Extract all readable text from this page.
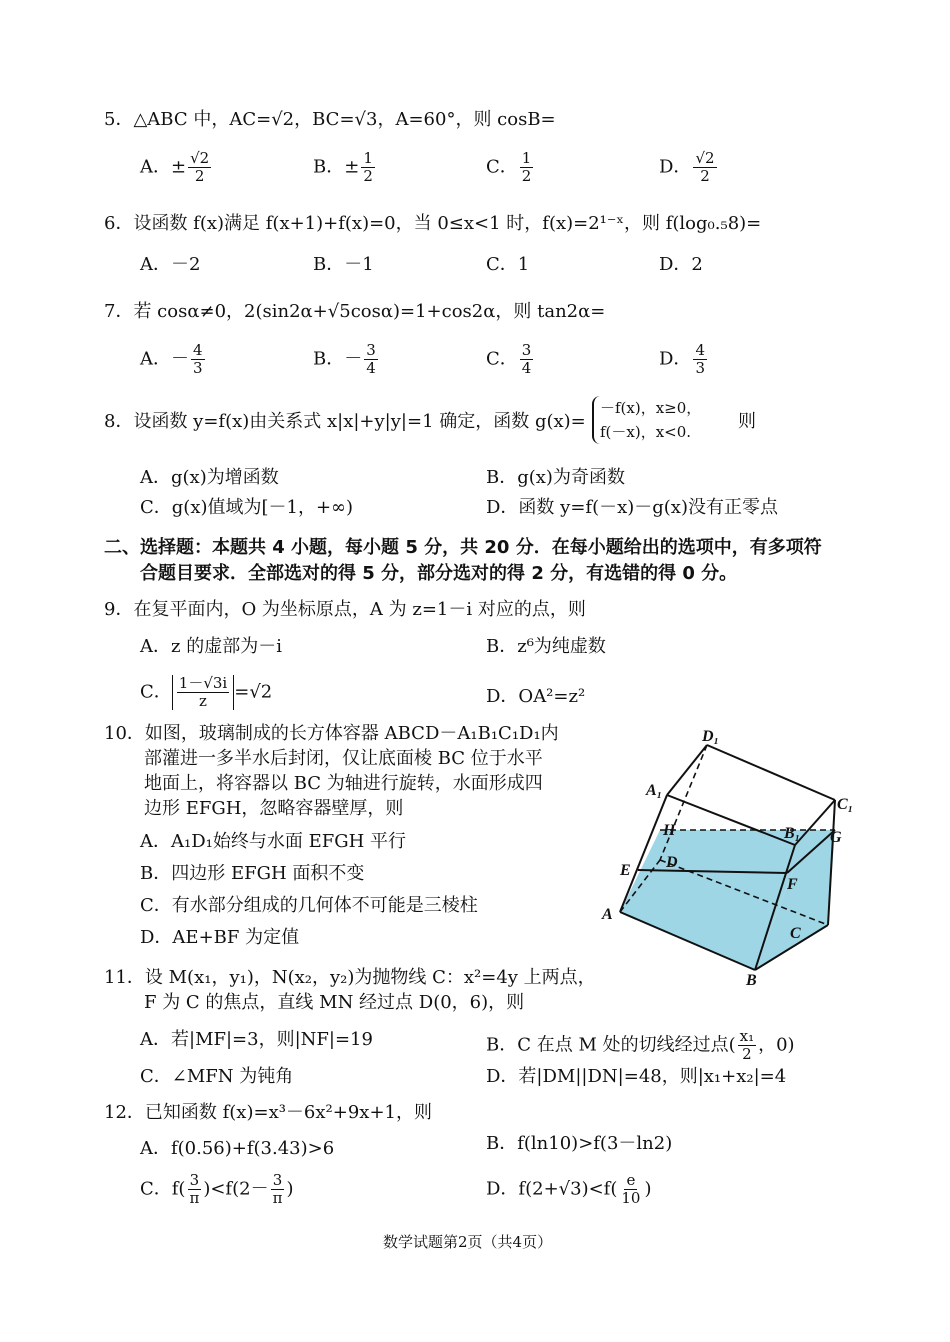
5．△ABC 中，AC=√2，BC=√3，A=60°，则 cosB=
A．± $\frac{√2}{2}$	B．± $\frac{1}{2}$	C． $\frac{1}{2}$	D． $\frac{√2}{2}$
6．设函数 f(x)满足 f(x+1)+f(x)=0，当 0≤x<1 时，f(x)=2¹⁻ˣ，则 f(log₀.₅8)=
A．－2	B．－1	C．1	D．2
7．若 cosα≠0，2(sin2α+√5cosα)=1+cos2α，则 tan2α=
A．－ $\frac{4}{3}$	B．－ $\frac{3}{4}$	C． $\frac{3}{4}$	D． $\frac{4}{3}$
8．设函数 y=f(x)由关系式 x|x|+y|y|=1 确定，函数 g(x)=
－f(x)，x≥0，
f(－x)，x<0.	则
A．g(x)为增函数	B．g(x)为奇函数
C．g(x)值域为[－1，+∞)	D．函数 y=f(－x)－g(x)没有正零点
二、选择题：本题共 4 小题，每小题 5 分，共 20 分．在每小题给出的选项中，有多项符
合题目要求．全部选对的得 5 分，部分选对的得 2 分，有选错的得 0 分。
9．在复平面内，O 为坐标原点，A 为 z=1－i 对应的点，则
A．z 的虚部为－i	B．z⁶为纯虚数
C． $\frac{1-√3i}{z} =√2$	D．OA²=z²
10．如图，玻璃制成的长方体容器 ABCD－A₁B₁C₁D₁内
部灌进一多半水后封闭，仅让底面棱 BC 位于水平
地面上，将容器以 BC 为轴进行旋转，水面形成四
边形 EFGH，忽略容器壁厚，则
A．A₁D₁始终与水面 EFGH 平行
B．四边形 EFGH 面积不变
C．有水部分组成的几何体不可能是三棱柱
D．AE+BF 为定值
D₁
A₁
C₁
H	B₁ G
E D
F
A
C
B
11．设 M(x₁，y₁)，N(x₂，y₂)为抛物线 C：x²=4y 上两点，
F 为 C 的焦点，直线 MN 经过点 D(0，6)，则
A．若|MF|=3，则|NF|=19	B．C 在点 M 处的切线经过点( $\frac{\text{x₁}}{2}$ ，0)
C．∠MFN 为钝角	D．若|DM||DN|=48，则|x₁+x₂|=4
12．已知函数 f(x)=x³－6x²+9x+1，则
A．f(0.56)+f(3.43)>6	B．f(ln10)>f(3－ln2)
C．$f( \frac{3}{\pi} )<f(2- \frac{3}{\pi}$ )	D．$f(2+√3)<f( \frac{e}{10}$ )
数学试题第2页（共4页）
